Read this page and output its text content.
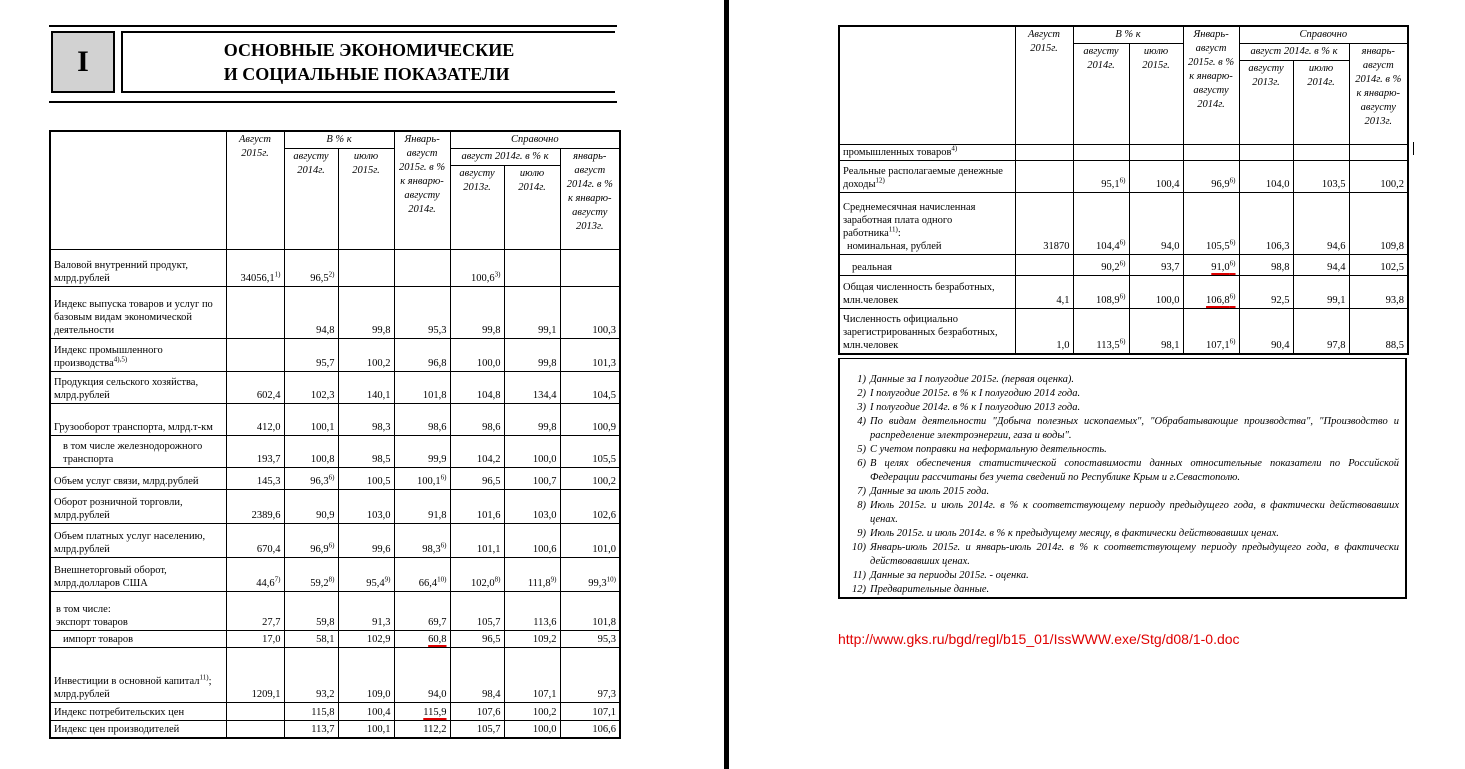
I	ОСНОВНЫЕ ЭКОНОМИЧЕСКИЕ
И СОЦИАЛЬНЫЕ ПОКАЗАТЕЛИ
	Август 2015г.	В % к		Январь-август 2015г. в % к январю-августу 2014г.	Справочно		
		августу 2014г.	июлю 2015г.		август 2014г. в % к		январь-август 2014г. в % к январю-августу 2013г.
					августу 2013г.	июлю 2014г.	
Валовой внутренний продукт, млрд.рублей	34056,1$^{1)}$	96,5$^{2)}$			100,6$^{3)}$		
Индекс выпуска товаров и услуг по базовым видам экономической деятельности		94,8	99,8	95,3	99,8	99,1	100,3
Индекс промышленного производства$^{4),5)}$		95,7	100,2	96,8	100,0	99,8	101,3
Продукция сельского хозяйства, млрд.рублей	602,4	102,3	140,1	101,8	104,8	134,4	104,5
Грузооборот транспорта, млрд.т-км	412,0	100,1	98,3	98,6	98,6	99,8	100,9
в том числе железнодорожного транспорта	193,7	100,8	98,5	99,9	104,2	100,0	105,5
Объем услуг связи, млрд.рублей	145,3	96,3$^{6)}$	100,5	100,1$^{6)}$	96,5	100,7	100,2
Оборот розничной торговли, млрд.рублей	2389,6	90,9	103,0	91,8	101,6	103,0	102,6
Объем платных услуг населению, млрд.рублей	670,4	96,9$^{6)}$	99,6	98,3$^{6)}$	101,1	100,6	101,0
Внешнеторговый оборот, млрд.долларов США	44,6$^{7)}$	59,2$^{8)}$	95,4$^{9)}$	66,4$^{10)}$	102,0$^{8)}$	111,8$^{9)}$	99,3$^{10)}$
в том числе:
экспорт товаров	27,7	59,8	91,3	69,7	105,7	113,6	101,8
импорт товаров	17,0	58,1	102,9	60,8	96,5	109,2	95,3
Инвестиции в основной капитал$^{11)}$; млрд.рублей	1209,1	93,2	109,0	94,0	98,4	107,1	97,3
Индекс потребительских цен		115,8	100,4	115,9	107,6	100,2	107,1
Индекс цен производителей		113,7	100,1	112,2	105,7	100,0	106,6
	Август 2015г.	В % к		Январь-август 2015г. в % к январю-августу 2014г.	Справочно		
		августу 2014г.	июлю 2015г.		август 2014г. в % к		январь-август 2014г. в % к январю-августу 2013г.
					августу 2013г.	июлю 2014г.	
промышленных товаров$^{4)}$							
Реальные располагаемые денежные доходы$^{12)}$		95,1$^{6)}$	100,4	96,9$^{6)}$	104,0	103,5	100,2
Среднемесячная начисленная заработная плата одного работника$^{11)}$:
номинальная, рублей	31870	104,4$^{6)}$	94,0	105,5$^{6)}$	106,3	94,6	109,8
реальная		90,2$^{6)}$	93,7	91,0$^{6)}$	98,8	94,4	102,5
Общая численность безработных, млн.человек	4,1	108,9$^{6)}$	100,0	106,8$^{6)}$	92,5	99,1	93,8
Численность официально зарегистрированных безработных, млн.человек	1,0	113,5$^{6)}$	98,1	107,1$^{6)}$	90,4	97,8	88,5
1) Данные за I полугодие 2015г. (первая оценка).
2) I полугодие 2015г. в % к I полугодию 2014 года.
3) I полугодие 2014г. в % к I полугодию 2013 года.
4) По видам деятельности "Добыча полезных ископаемых", "Обрабатывающие производства", "Производство и распределение электроэнергии, газа и воды".
5) С учетом поправки на неформальную деятельность.
6) В целях обеспечения статистической сопоставимости данных относительные показатели по Российской Федерации рассчитаны без учета сведений по Республике Крым и г.Севастополю.
7) Данные за июль 2015 года.
8) Июль 2015г. и июль 2014г. в % к соответствующему периоду предыдущего года, в фактически действовавших ценах.
9) Июль 2015г. и июль 2014г. в % к предыдущему месяцу, в фактически действовавших ценах.
10) Январь-июль 2015г. и январь-июль 2014г. в % к соответствующему периоду предыдущего года, в фактически действовавших ценах.
11) Данные за периоды 2015г. - оценка.
12) Предварительные данные.
http://www.gks.ru/bgd/regl/b15_01/IssWWW.exe/Stg/d08/1-0.doc
